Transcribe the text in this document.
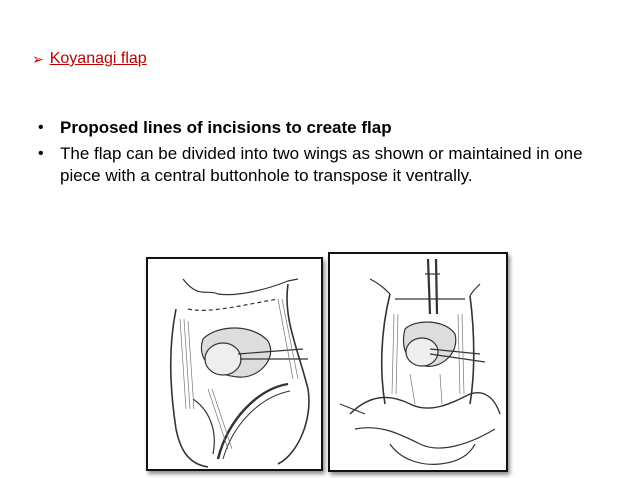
➢ Koyanagi flap
• Proposed lines of incisions to create flap
• The flap can be divided into two wings as shown or maintained in one piece with a central buttonhole to transpose it ventrally.
